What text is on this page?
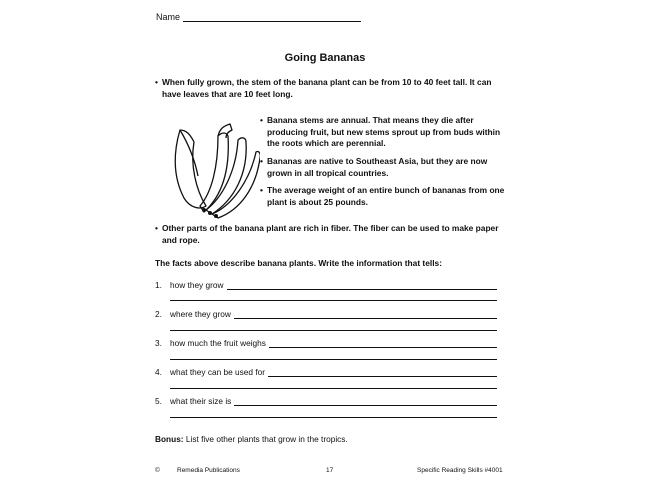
Name
Going Bananas
• When fully grown, the stem of the banana plant can be from 10 to 40 feet tall. It can have leaves that are 10 feet long.
• Banana stems are annual. That means they die after producing fruit, but new stems sprout up from buds within the roots which are perennial.
• Bananas are native to Southeast Asia, but they are now grown in all tropical countries.
• The average weight of an entire bunch of bananas from one plant is about 25 pounds.
• Other parts of the banana plant are rich in fiber. The fiber can be used to make paper and rope.
The facts above describe banana plants. Write the information that tells:
1. how they grow
2. where they grow
3. how much the fruit weighs
4. what they can be used for
5. what their size is
Bonus: List five other plants that grow in the tropics.
©	Remedia Publications	17	Specific Reading Skills #4001
